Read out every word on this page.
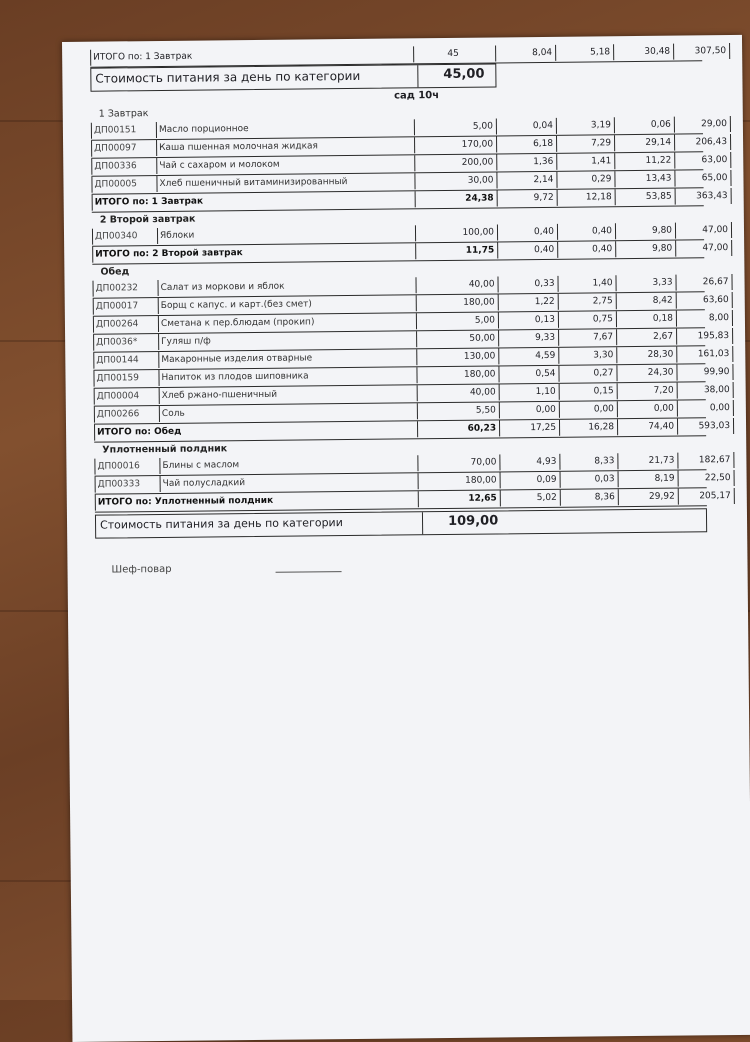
ИТОГО по: 1 Завтрак	45	8,04	5,18	30,48	307,50
Стоимость питания за день по категории	45,00
сад 10ч
1 Завтрак
ДП00151	Масло порционное	5,00	0,04	3,19	0,06	29,00
ДП00097	Каша пшенная молочная жидкая	170,00	6,18	7,29	29,14	206,43
ДП00336	Чай с сахаром и молоком	200,00	1,36	1,41	11,22	63,00
ДП00005	Хлеб пшеничный витаминизированный	30,00	2,14	0,29	13,43	65,00
ИТОГО по: 1 Завтрак	24,38	9,72	12,18	53,85	363,43
2 Второй завтрак
ДП00340	Яблоки	100,00	0,40	0,40	9,80	47,00
ИТОГО по: 2 Второй завтрак	11,75	0,40	0,40	9,80	47,00
Обед
ДП00232	Салат из моркови и яблок	40,00	0,33	1,40	3,33	26,67
ДП00017	Борщ с капус. и карт.(без смет)	180,00	1,22	2,75	8,42	63,60
ДП00264	Сметана к пер.блюдам (прокип)	5,00	0,13	0,75	0,18	8,00
ДП0036*	Гуляш п/ф	50,00	9,33	7,67	2,67	195,83
ДП00144	Макаронные изделия отварные	130,00	4,59	3,30	28,30	161,03
ДП00159	Напиток из плодов шиповника	180,00	0,54	0,27	24,30	99,90
ДП00004	Хлеб ржано-пшеничный	40,00	1,10	0,15	7,20	38,00
ДП00266	Соль	5,50	0,00	0,00	0,00	0,00
ИТОГО по: Обед	60,23	17,25	16,28	74,40	593,03
Уплотненный полдник
ДП00016	Блины с маслом	70,00	4,93	8,33	21,73	182,67
ДП00333	Чай полусладкий	180,00	0,09	0,03	8,19	22,50
ИТОГО по: Уплотненный полдник	12,65	5,02	8,36	29,92	205,17
Стоимость питания за день по категории	109,00
Шеф-повар
